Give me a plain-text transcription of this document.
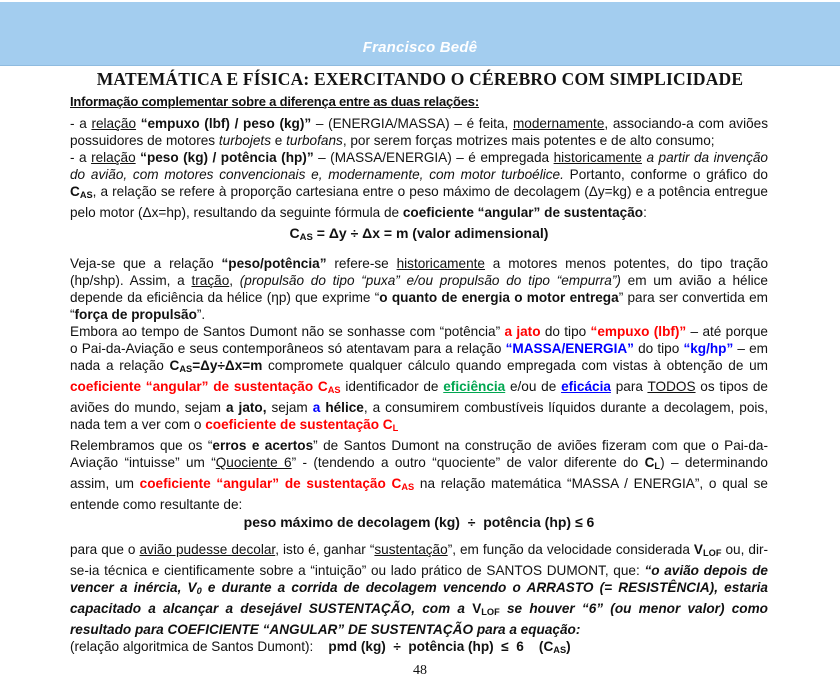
Francisco Bedê
MATEMÁTICA E FÍSICA: EXERCITANDO O CÉREBRO COM SIMPLICIDADE

Informação complementar sobre a diferença entre as duas relações:

- a relação “empuxo (lbf) / peso (kg)” – (ENERGIA/MASSA) – é feita, modernamente, associando-a com aviões possuidores de motores turbojets e turbofans, por serem forças motrizes mais potentes e de alto consumo;

- a relação “peso (kg) / potência (hp)” – (MASSA/ENERGIA) – é empregada historicamente a partir da invenção do avião, com motores convencionais e, modernamente, com motor turboélice. Portanto, conforme o gráfico do $C_{AS}$, a relação se refere à proporção cartesiana entre o peso máximo de decolagem (Δy=kg) e a potência entregue pelo motor (Δx=hp), resultando da seguinte fórmula de coeficiente “angular” de sustentação:

$C_{AS} = \Delta y \div \Delta x = m$ (valor adimensional)

Veja-se que a relação “peso/potência” refere-se historicamente a motores menos potentes, do tipo tração (hp/shp). Assim, a tração, (propulsão do tipo “puxa” e/ou propulsão do tipo “empurra”) em um avião a hélice depende da eficiência da hélice (ηp) que exprime “o quanto de energia o motor entrega” para ser convertida em “força de propulsão”.

Embora ao tempo de Santos Dumont não se sonhasse com “potência” a jato do tipo “empuxo (lbf)” – até porque o Pai-da-Aviação e seus contemporâneos só atentavam para a relação “MASSA/ENERGIA” do tipo “kg/hp” – em nada a relação $C_{AS}=\Delta y\div\Delta x=m$ compromete qualquer cálculo quando empregada com vistas à obtenção de um coeficiente “angular” de sustentação $C_{AS}$ identificador de eficiência e/ou de eficácia para TODOS os tipos de aviões do mundo, sejam a jato, sejam a hélice, a consumirem combustíveis líquidos durante a decolagem, pois, nada tem a ver com o coeficiente de sustentação $C_L$

Relembramos que os “erros e acertos” de Santos Dumont na construção de aviões fizeram com que o Pai-da-Aviação “intuisse” um “Quociente 6” - (tendendo a outro “quociente” de valor diferente do $C_L$) – determinando assim, um coeficiente “angular” de sustentação $C_{AS}$ na relação matemática “MASSA / ENERGIA”, o qual se entende como resultante de:

peso máximo de decolagem (kg)  ÷  potência (hp) ≤ 6

para que o avião pudesse decolar, isto é, ganhar “sustentação”, em função da velocidade considerada $V_{LOF}$ ou, dir-se-ia técnica e cientificamente sobre a “intuição” ou lado prático de SANTOS DUMONT, que: “o avião depois de vencer a inércia, $V_0$ e durante a corrida de decolagem vencendo o ARRASTO (= RESISTÊNCIA), estaria capacitado a alcançar a desejável SUSTENTAÇÃO, com a $V_{LOF}$ se houver “6” (ou menor valor) como resultado para COEFICIENTE “ANGULAR” DE SUSTENTAÇÃO para a equação:
(relação algoritmica de Santos Dumont):    pmd (kg)  ÷  potência (hp)  ≤  6    $(C_{AS})$

48
